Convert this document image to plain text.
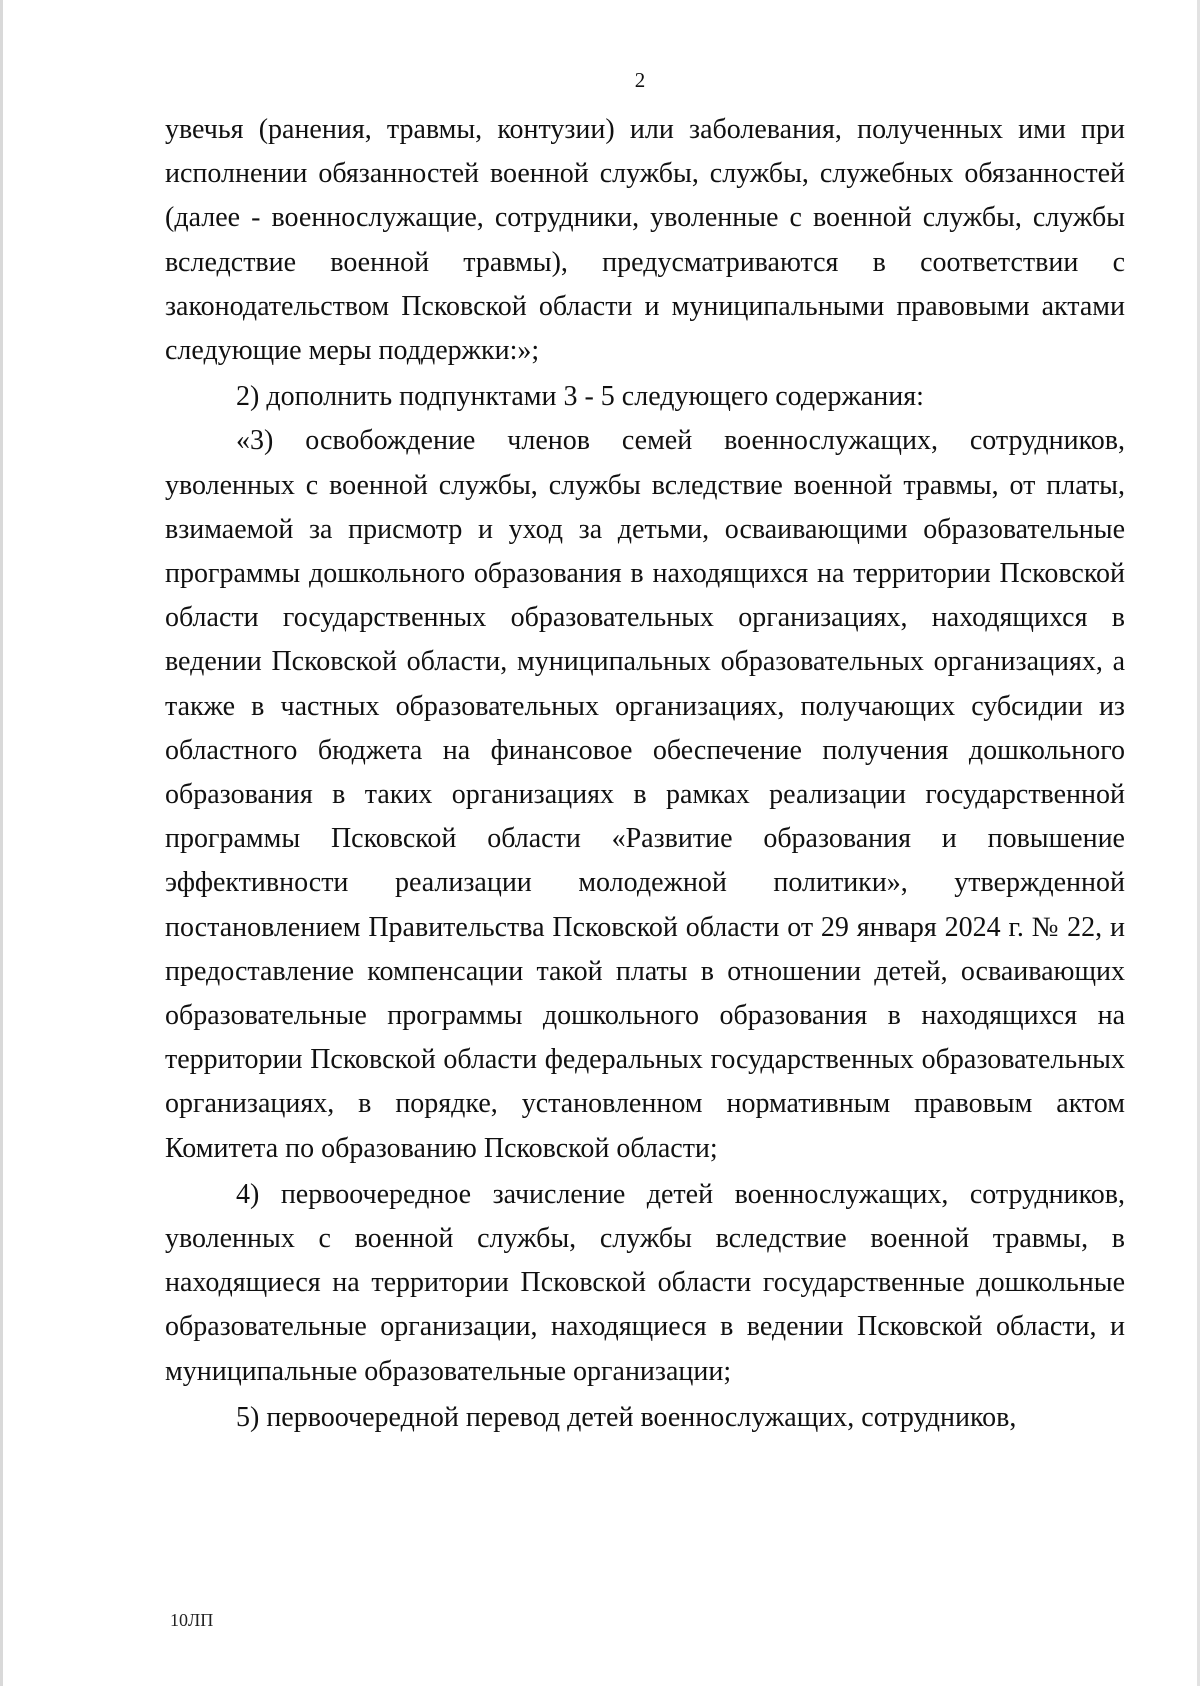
2

увечья (ранения, травмы, контузии) или заболевания, полученных ими при исполнении обязанностей военной службы, службы, служебных обязанностей (далее - военнослужащие, сотрудники, уволенные с военной службы, службы вследствие военной травмы), предусматриваются в соответствии с законодательством Псковской области и муниципальными правовыми актами следующие меры поддержки:»;

2) дополнить подпунктами 3 - 5 следующего содержания:

«3) освобождение членов семей военнослужащих, сотрудников, уволенных с военной службы, службы вследствие военной травмы, от платы, взимаемой за присмотр и уход за детьми, осваивающими образовательные программы дошкольного образования в находящихся на территории Псковской области государственных образовательных организациях, находящихся в ведении Псковской области, муниципальных образовательных организациях, а также в частных образовательных организациях, получающих субсидии из областного бюджета на финансовое обеспечение получения дошкольного образования в таких организациях в рамках реализации государственной программы Псковской области «Развитие образования и повышение эффективности реализации молодежной политики», утвержденной постановлением Правительства Псковской области от 29 января 2024 г. № 22, и предоставление компенсации такой платы в отношении детей, осваивающих образовательные программы дошкольного образования в находящихся на территории Псковской области федеральных государственных образовательных организациях, в порядке, установленном нормативным правовым актом Комитета по образованию Псковской области;

4) первоочередное зачисление детей военнослужащих, сотрудников, уволенных с военной службы, службы вследствие военной травмы, в находящиеся на территории Псковской области государственные дошкольные образовательные организации, находящиеся в ведении Псковской области, и муниципальные образовательные организации;

5) первоочередной перевод детей военнослужащих, сотрудников,

10ЛП
